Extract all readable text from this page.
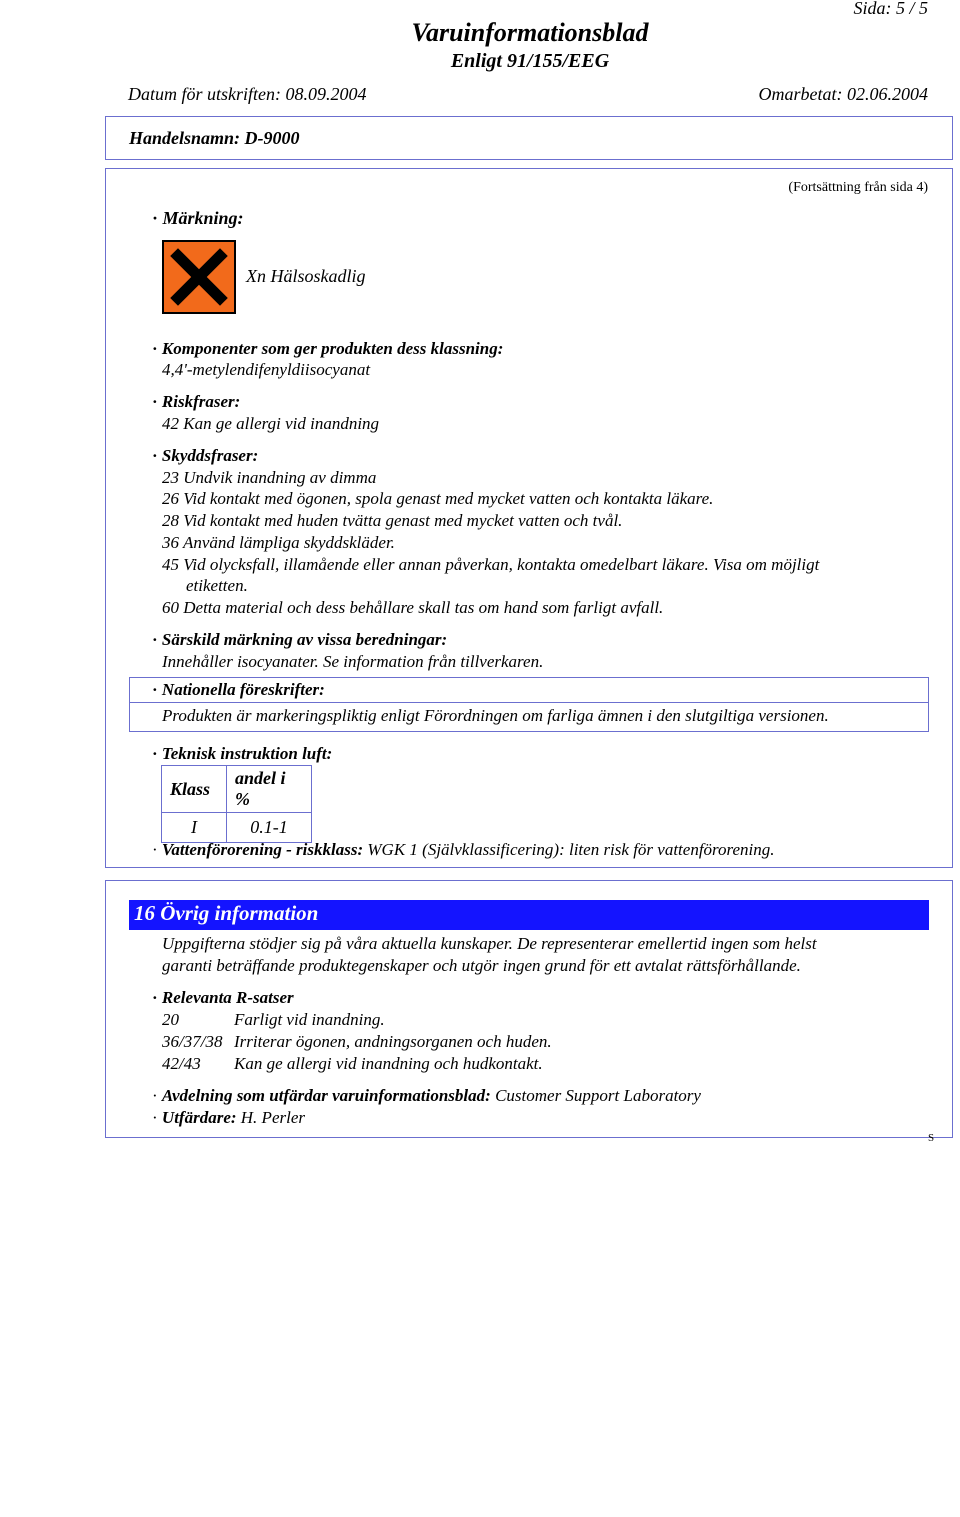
Sida: 5 / 5
Varuinformationsblad
Enligt 91/155/EEG
Datum för utskriften: 08.09.2004	Omarbetat: 02.06.2004
Handelsnamn: D-9000
(Fortsättning från sida 4)
· Märkning:
Xn Hälsoskadlig
· Komponenter som ger produkten dess klassning:
4,4'-metylendifenyldiisocyanat
· Riskfraser:
42 Kan ge allergi vid inandning
· Skyddsfraser:
23 Undvik inandning av dimma
26 Vid kontakt med ögonen, spola genast med mycket vatten och kontakta läkare.
28 Vid kontakt med huden tvätta genast med mycket vatten och tvål.
36 Använd lämpliga skyddskläder.
45 Vid olycksfall, illamående eller annan påverkan, kontakta omedelbart läkare. Visa om möjligt
etiketten.
60 Detta material och dess behållare skall tas om hand som farligt avfall.
· Särskild märkning av vissa beredningar:
Innehåller isocyanater. Se information från tillverkaren.
· Nationella föreskrifter:
Produkten är markeringspliktig enligt Förordningen om farliga ämnen i den slutgiltiga versionen.
· Teknisk instruktion luft:
Klass	andel i %
I	0.1-1
· Vattenförorening - riskklass: WGK 1 (Självklassificering): liten risk för vattenförorening.
16 Övrig information
Uppgifterna stödjer sig på våra aktuella kunskaper. De representerar emellertid ingen som helst
garanti beträffande produktegenskaper och utgör ingen grund för ett avtalat rättsförhållande.
· Relevanta R-satser
20	Farligt vid inandning.
36/37/38 Irriterar ögonen, andningsorganen och huden.
42/43 Kan ge allergi vid inandning och hudkontakt.
· Avdelning som utfärdar varuinformationsblad: Customer Support Laboratory
· Utfärdare: H. Perler
S
